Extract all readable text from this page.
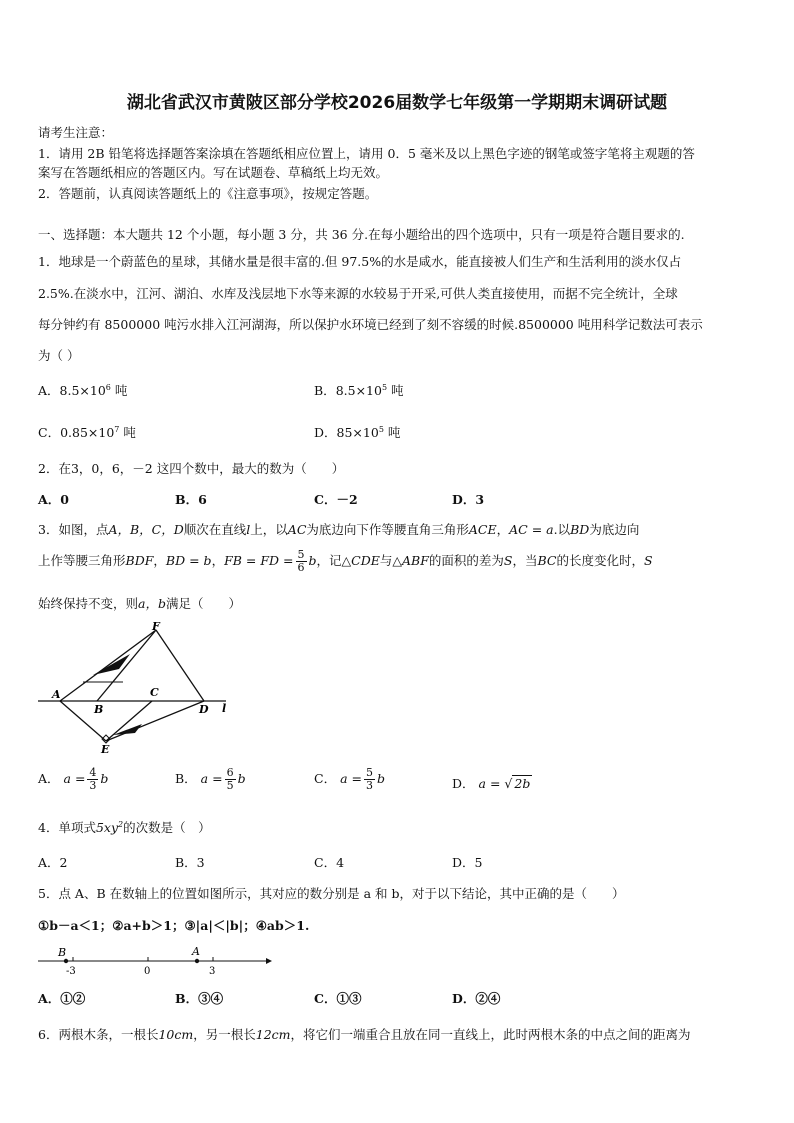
湖北省武汉市黄陂区部分学校2026届数学七年级第一学期期末调研试题
请考生注意：
1．请用 2B 铅笔将选择题答案涂填在答题纸相应位置上，请用 0．5 毫米及以上黑色字迹的钢笔或签字笔将主观题的答
案写在答题纸相应的答题区内。写在试题卷、草稿纸上均无效。
2．答题前，认真阅读答题纸上的《注意事项》，按规定答题。
一、选择题：本大题共 12 个小题，每小题 3 分，共 36 分.在每小题给出的四个选项中，只有一项是符合题目要求的.
1．地球是一个蔚蓝色的星球，其储水量是很丰富的.但 97.5%的水是咸水，能直接被人们生产和生活利用的淡水仅占
2.5%.在淡水中，江河、湖泊、水库及浅层地下水等来源的水较易于开采,可供人类直接使用，而据不完全统计，全球
每分钟约有 8500000 吨污水排入江河湖海，所以保护水环境已经到了刻不容缓的时候.8500000 吨用科学记数法可表示
为（ ）
A．$8.5\times 10^6$ 吨	B．$8.5\times 10^5$ 吨
C．$0.85\times 10^7$ 吨	D．$85\times 10^5$ 吨
2．在3，0，6，－2 这四个数中，最大的数为（　　）
A．0	B．6	C．－2	D．3
3．如图，点A，B，C，D顺次在直线l上，以AC为底边向下作等腰直角三角形ACE，AC = a.以BD为底边向
上作等腰三角形BDF，BD = b，FB = FD = $\frac{5}{6}$ b，记△CDE与△ABF的面积的差为S，当BC的长度变化时，S
始终保持不变，则a，b满足（　　）
F
A
B
C
D l
E
A． $a = \frac{4}{3}$ b	B． $a = \frac{6}{5}$ b	C． $a = \frac{5}{3}$ b	D． a = √ 2b
4．单项式$5xy^2$的次数是（　）
A．2	B．3	C．4	D．5
5．点 A、B 在数轴上的位置如图所示，其对应的数分别是 a 和 b，对于以下结论，其中正确的是（　　）
①b－a＜1；②a+b＞1；③|a|＜|b|；④ab＞1.
B	A
-3	0	3
A．①②	B．③④	C．①③	D．②④
6．两根木条，一根长10cm，另一根长12cm，将它们一端重合且放在同一直线上，此时两根木条的中点之间的距离为
